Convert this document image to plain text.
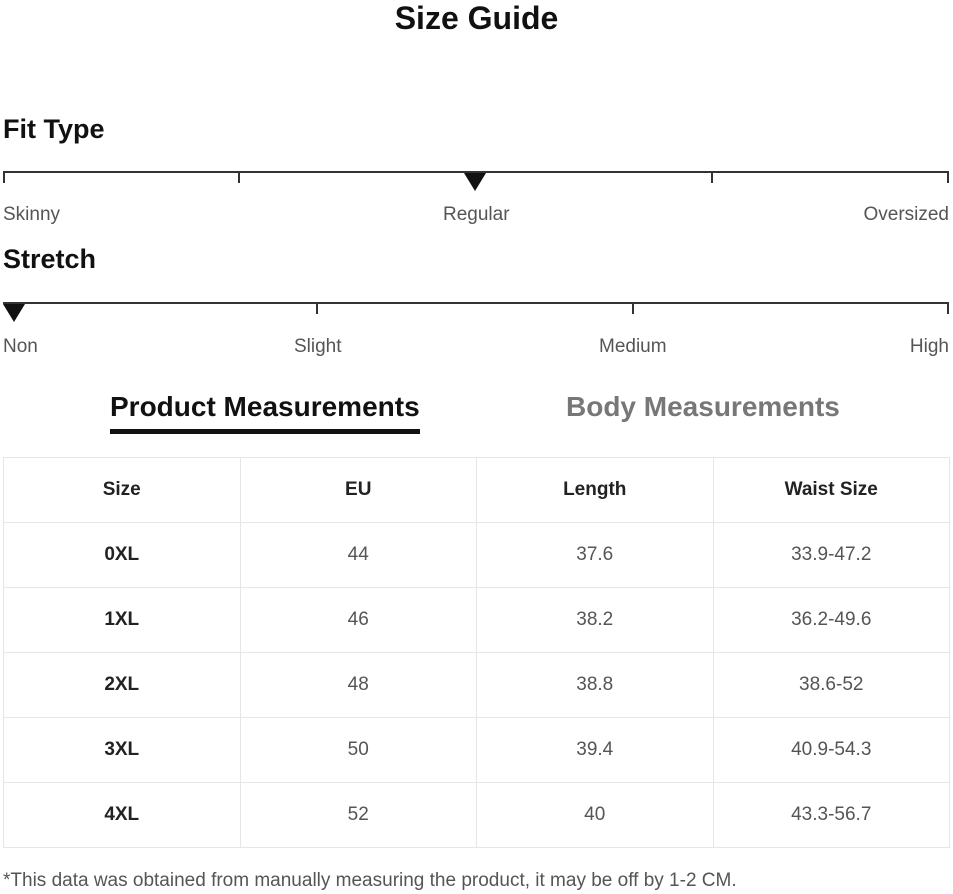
Size Guide
Fit Type
Skinny	Regular	Oversized
Stretch
Non	Slight	Medium	High
Product Measurements	Body Measurements
Size	EU	Length	Waist Size
0XL	44	37.6	33.9-47.2
1XL	46	38.2	36.2-49.6
2XL	48	38.8	38.6-52
3XL	50	39.4	40.9-54.3
4XL	52	40	43.3-56.7
*This data was obtained from manually measuring the product, it may be off by 1-2 CM.
